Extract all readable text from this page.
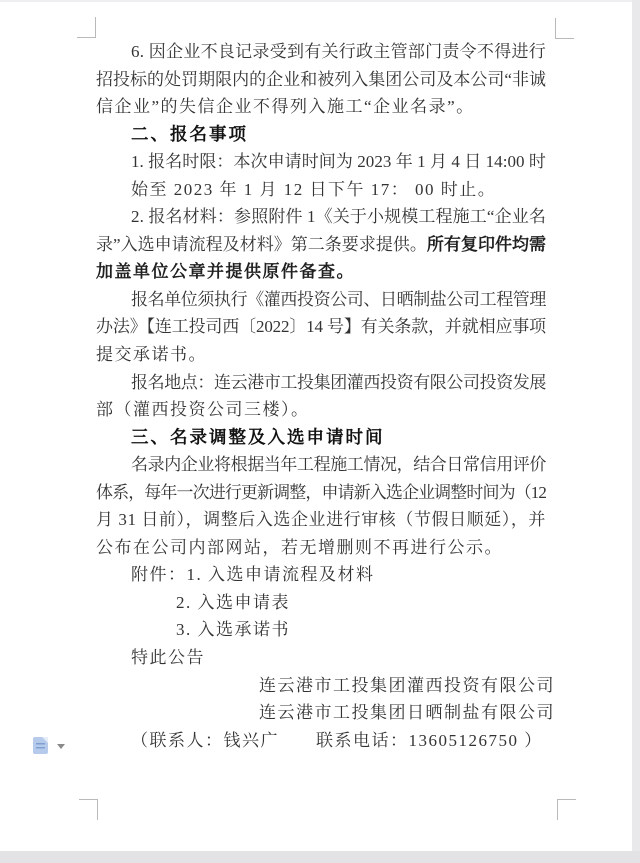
6. 因企业不良记录受到有关行政主管部门责令不得进行
招投标的处罚期限内的企业和被列入集团公司及本公司“非诚
信企业”的失信企业不得列入施工“企业名录”。
二、报名事项
1. 报名时限：本次申请时间为 2023 年 1 月 4 日 14:00 时
始至 2023 年 1 月 12 日下午 17： 00 时止。
2. 报名材料：参照附件 1《关于小规模工程施工“企业名
录”入选申请流程及材料》第二条要求提供。所有复印件均需
加盖单位公章并提供原件备查。
报名单位须执行《灌西投资公司、日晒制盐公司工程管理
办法》【连工投司西〔2022〕14 号】有关条款，并就相应事项
提交承诺书。
报名地点：连云港市工投集团灌西投资有限公司投资发展
部（灌西投资公司三楼）。
三、名录调整及入选申请时间
名录内企业将根据当年工程施工情况，结合日常信用评价
体系，每年一次进行更新调整，申请新入选企业调整时间为（12
月 31 日前），调整后入选企业进行审核（节假日顺延），并
公布在公司内部网站，若无增删则不再进行公示。
附件：1. 入选申请流程及材料
2. 入选申请表
3. 入选承诺书
特此公告
连云港市工投集团灌西投资有限公司
连云港市工投集团日晒制盐有限公司
（联系人：钱兴广　　联系电话：13605126750 ）
